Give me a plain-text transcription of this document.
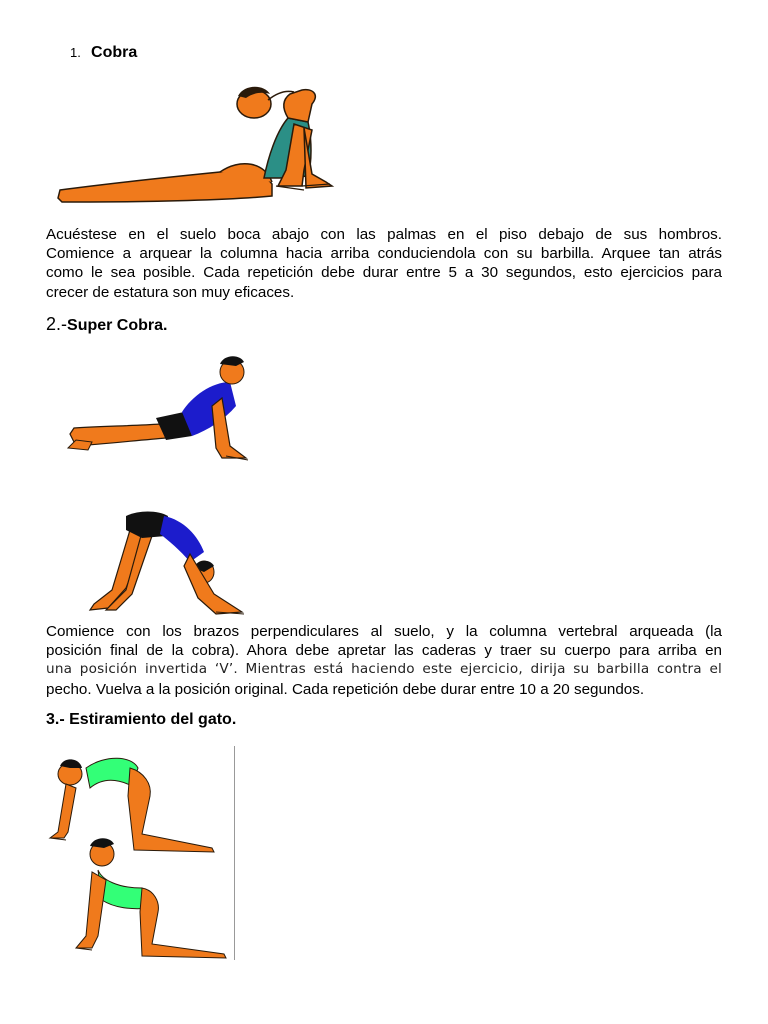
1. Cobra
Acuéstese en el suelo boca abajo con las palmas en el piso debajo de sus hombros.
Comience a arquear la columna hacia arriba conduciendola con su barbilla. Arquee tan atrás
como le sea posible. Cada repetición debe durar entre 5 a 30 segundos, esto ejercicios para
crecer de estatura son muy eficaces.
2.-Super Cobra.
Comience con los brazos perpendiculares al suelo, y la columna vertebral arqueada (la
posición final de la cobra). Ahora debe apretar las caderas y traer su cuerpo para arriba en
una posición invertida ‘V’. Mientras está haciendo este ejercicio, dirija su barbilla contra el
pecho. Vuelva a la posición original. Cada repetición debe durar entre 10 a 20 segundos.
3.- Estiramiento del gato.
